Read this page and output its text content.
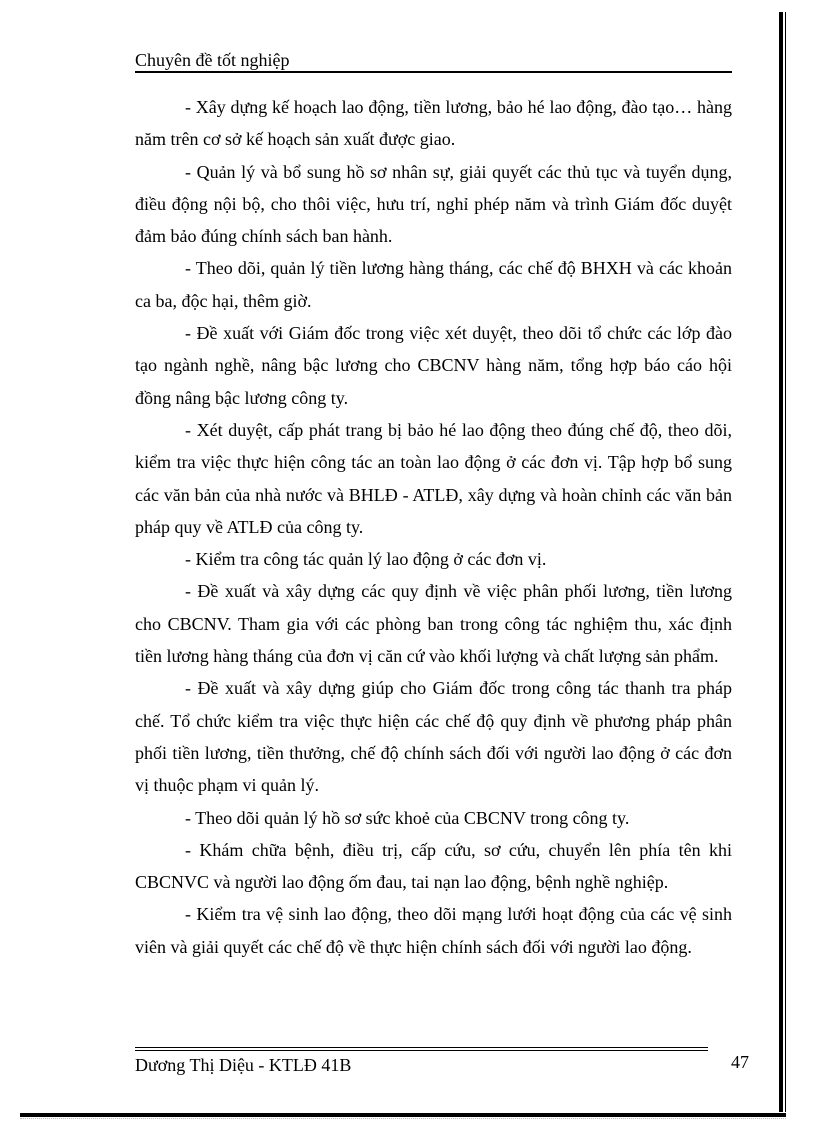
Chuyên đề tốt nghiệp

- Xây dựng kế hoạch lao động, tiền lương, bảo hé lao động, đào tạo… hàng năm trên cơ sở kế hoạch sản xuất được giao.

- Quản lý và bổ sung hồ sơ nhân sự, giải quyết các thủ tục và tuyển dụng, điều động nội bộ, cho thôi việc, hưu trí, nghỉ phép năm và trình Giám đốc duyệt đảm bảo đúng chính sách ban hành.

- Theo dõi, quản lý tiền lương hàng tháng, các chế độ BHXH và các khoản ca ba, độc hại, thêm giờ.

- Đề xuất với Giám đốc trong việc xét duyệt, theo dõi tổ chức các lớp đào tạo ngành nghề, nâng bậc lương cho CBCNV hàng năm, tổng hợp báo cáo hội đồng nâng bậc lương công ty.

- Xét duyệt, cấp phát trang bị bảo hé lao động theo đúng chế độ, theo dõi, kiểm tra việc thực hiện công tác an toàn lao động ở các đơn vị. Tập hợp bổ sung các văn bản của nhà nước và BHLĐ - ATLĐ, xây dựng và hoàn chỉnh các văn bản pháp quy về ATLĐ của công ty.

- Kiểm tra công tác quản lý lao động ở các đơn vị.

- Đề xuất và xây dựng các quy định về việc phân phối lương, tiền lương cho CBCNV. Tham gia với các phòng ban trong công tác nghiệm thu, xác định tiền lương hàng tháng của đơn vị căn cứ vào khối lượng và chất lượng sản phẩm.

- Đề xuất và xây dựng giúp cho Giám đốc trong công tác thanh tra pháp chế. Tổ chức kiểm tra việc thực hiện các chế độ quy định về phương pháp phân phối tiền lương, tiền thưởng, chế độ chính sách đối với người lao động ở các đơn vị thuộc phạm vi quản lý.

- Theo dõi quản lý hồ sơ sức khoẻ của CBCNV trong công ty.

- Khám chữa bệnh, điều trị, cấp cứu, sơ cứu, chuyển lên phía tên khi CBCNVC và người lao động ốm đau, tai nạn lao động, bệnh nghề nghiệp.

- Kiểm tra vệ sinh lao động, theo dõi mạng lưới hoạt động của các vệ sinh viên và giải quyết các chế độ về thực hiện chính sách đối với người lao động.

Dương Thị Diệu - KTLĐ 41B	47
